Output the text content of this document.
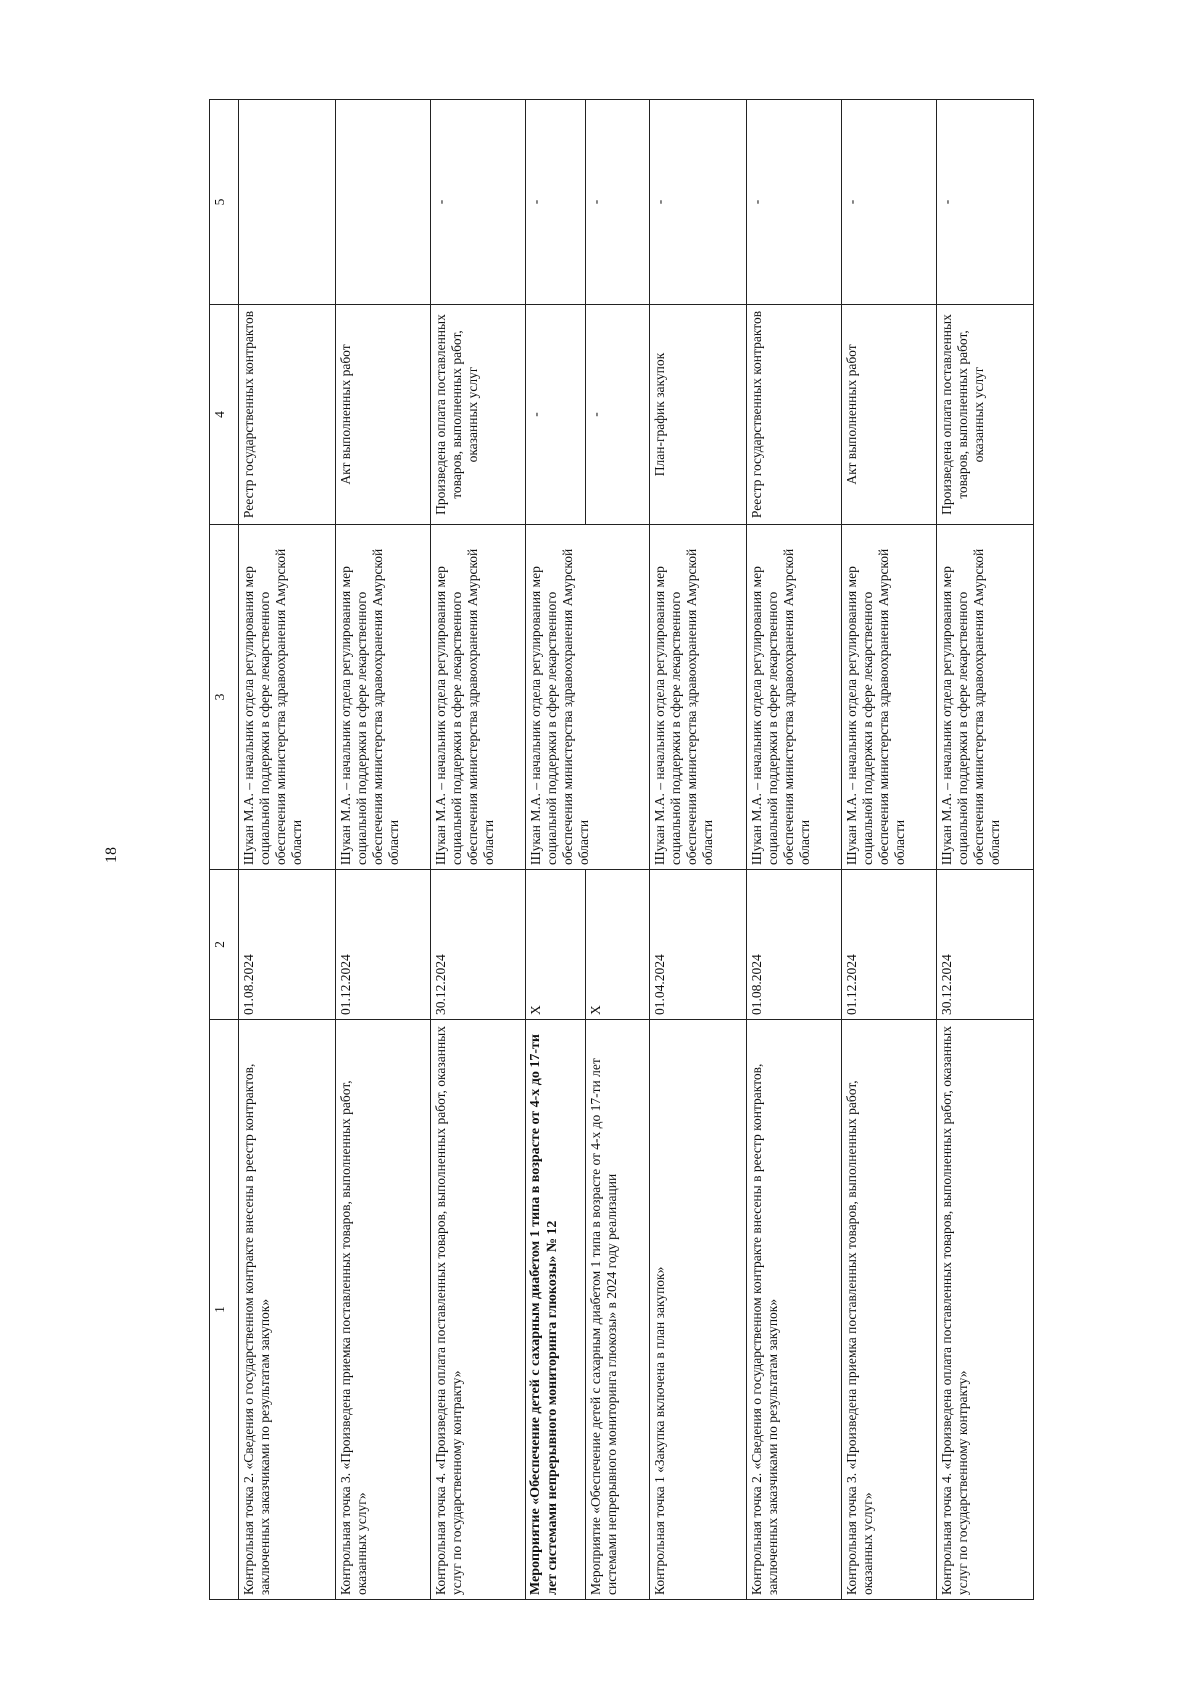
18
1	2	3	4	5
Контрольная точка 2. «Сведения о государственном контракте внесены в реестр контрактов, заключенных заказчиками по результатам закупок»	01.08.2024	Шукан М.А. – начальник отдела регулирования мер социальной поддержки в сфере лекарственного обеспечения министерства здравоохранения Амурской области	Реестр государственных контрактов	
Контрольная точка 3. «Произведена приемка поставленных товаров, выполненных работ, оказанных услуг»	01.12.2024	Шукан М.А. – начальник отдела регулирования мер социальной поддержки в сфере лекарственного обеспечения министерства здравоохранения Амурской области	Акт выполненных работ	
Контрольная точка 4. «Произведена оплата поставленных товаров, выполненных работ, оказанных услуг по государственному контракту»	30.12.2024	Шукан М.А. – начальник отдела регулирования мер социальной поддержки в сфере лекарственного обеспечения министерства здравоохранения Амурской области	Произведена оплата поставленных товаров, выполненных работ, оказанных услуг	-
Мероприятие «Обеспечение детей с сахарным диабетом 1 типа в возрасте от 4-х до 17-ти лет системами непрерывного мониторинга глюкозы» № 12	X	Шукан М.А. – начальник отдела регулирования мер социальной поддержки в сфере лекарственного обеспечения министерства здравоохранения Амурской области	-	-
Мероприятие «Обеспечение детей с сахарным диабетом 1 типа в возрасте от 4-х до 17-ти лет системами непрерывного мониторинга глюкозы» в 2024 году реализации	X		-	-
Контрольная точка 1 «Закупка включена в план закупок»	01.04.2024	Шукан М.А. – начальник отдела регулирования мер социальной поддержки в сфере лекарственного обеспечения министерства здравоохранения Амурской области	План-график закупок	-
Контрольная точка 2. «Сведения о государственном контракте внесены в реестр контрактов, заключенных заказчиками по результатам закупок»	01.08.2024	Шукан М.А. – начальник отдела регулирования мер социальной поддержки в сфере лекарственного обеспечения министерства здравоохранения Амурской области	Реестр государственных контрактов	-
Контрольная точка 3. «Произведена приемка поставленных товаров, выполненных работ, оказанных услуг»	01.12.2024	Шукан М.А. – начальник отдела регулирования мер социальной поддержки в сфере лекарственного обеспечения министерства здравоохранения Амурской области	Акт выполненных работ	-
Контрольная точка 4. «Произведена оплата поставленных товаров, выполненных работ, оказанных услуг по государственному контракту»	30.12.2024	Шукан М.А. – начальник отдела регулирования мер социальной поддержки в сфере лекарственного обеспечения министерства здравоохранения Амурской области	Произведена оплата поставленных товаров, выполненных работ, оказанных услуг	-
